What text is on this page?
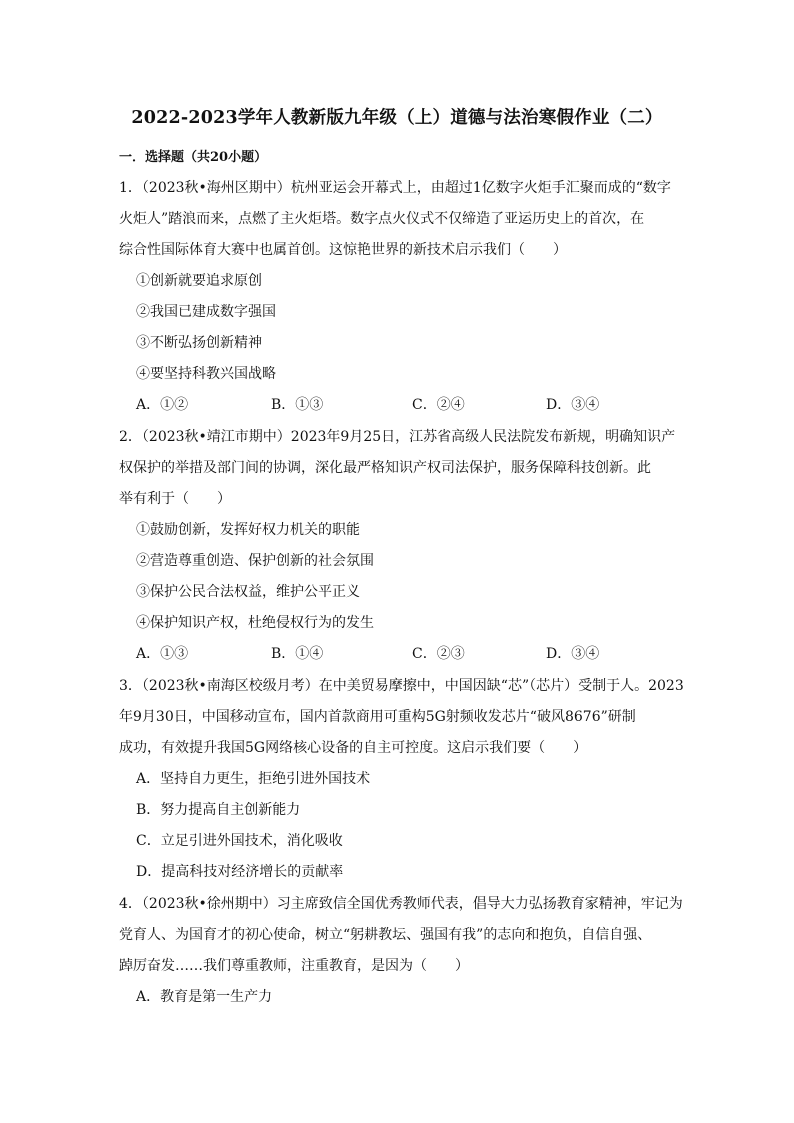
2022-2023学年人教新版九年级（上）道德与法治寒假作业（二）
一．选择题（共20小题）
1．（2023秋•海州区期中）杭州亚运会开幕式上，由超过1亿数字火炬手汇聚而成的“数字
火炬人”踏浪而来，点燃了主火炬塔。数字点火仪式不仅缔造了亚运历史上的首次，在
综合性国际体育大赛中也属首创。这惊艳世界的新技术启示我们（　　）
①创新就要追求原创
②我国已建成数字强国
③不断弘扬创新精神
④要坚持科教兴国战略
A．①②	B．①③	C．②④	D．③④
2．（2023秋•靖江市期中）2023年9月25日，江苏省高级人民法院发布新规，明确知识产
权保护的举措及部门间的协调，深化最严格知识产权司法保护，服务保障科技创新。此
举有利于（　　）
①鼓励创新，发挥好权力机关的职能
②营造尊重创造、保护创新的社会氛围
③保护公民合法权益，维护公平正义
④保护知识产权，杜绝侵权行为的发生
A．①③	B．①④	C．②③	D．③④
3．（2023秋•南海区校级月考）在中美贸易摩擦中，中国因缺“芯”（芯片）受制于人。2023
年9月30日，中国移动宣布，国内首款商用可重构5G射频收发芯片“破风8676”研制
成功，有效提升我国5G网络核心设备的自主可控度。这启示我们要（　　）
A．坚持自力更生，拒绝引进外国技术
B．努力提高自主创新能力
C．立足引进外国技术，消化吸收
D．提高科技对经济增长的贡献率
4．（2023秋•徐州期中）习主席致信全国优秀教师代表，倡导大力弘扬教育家精神，牢记为
党育人、为国育才的初心使命，树立“躬耕教坛、强国有我”的志向和抱负，自信自强、
踔厉奋发……我们尊重教师，注重教育，是因为（　　）
A．教育是第一生产力
